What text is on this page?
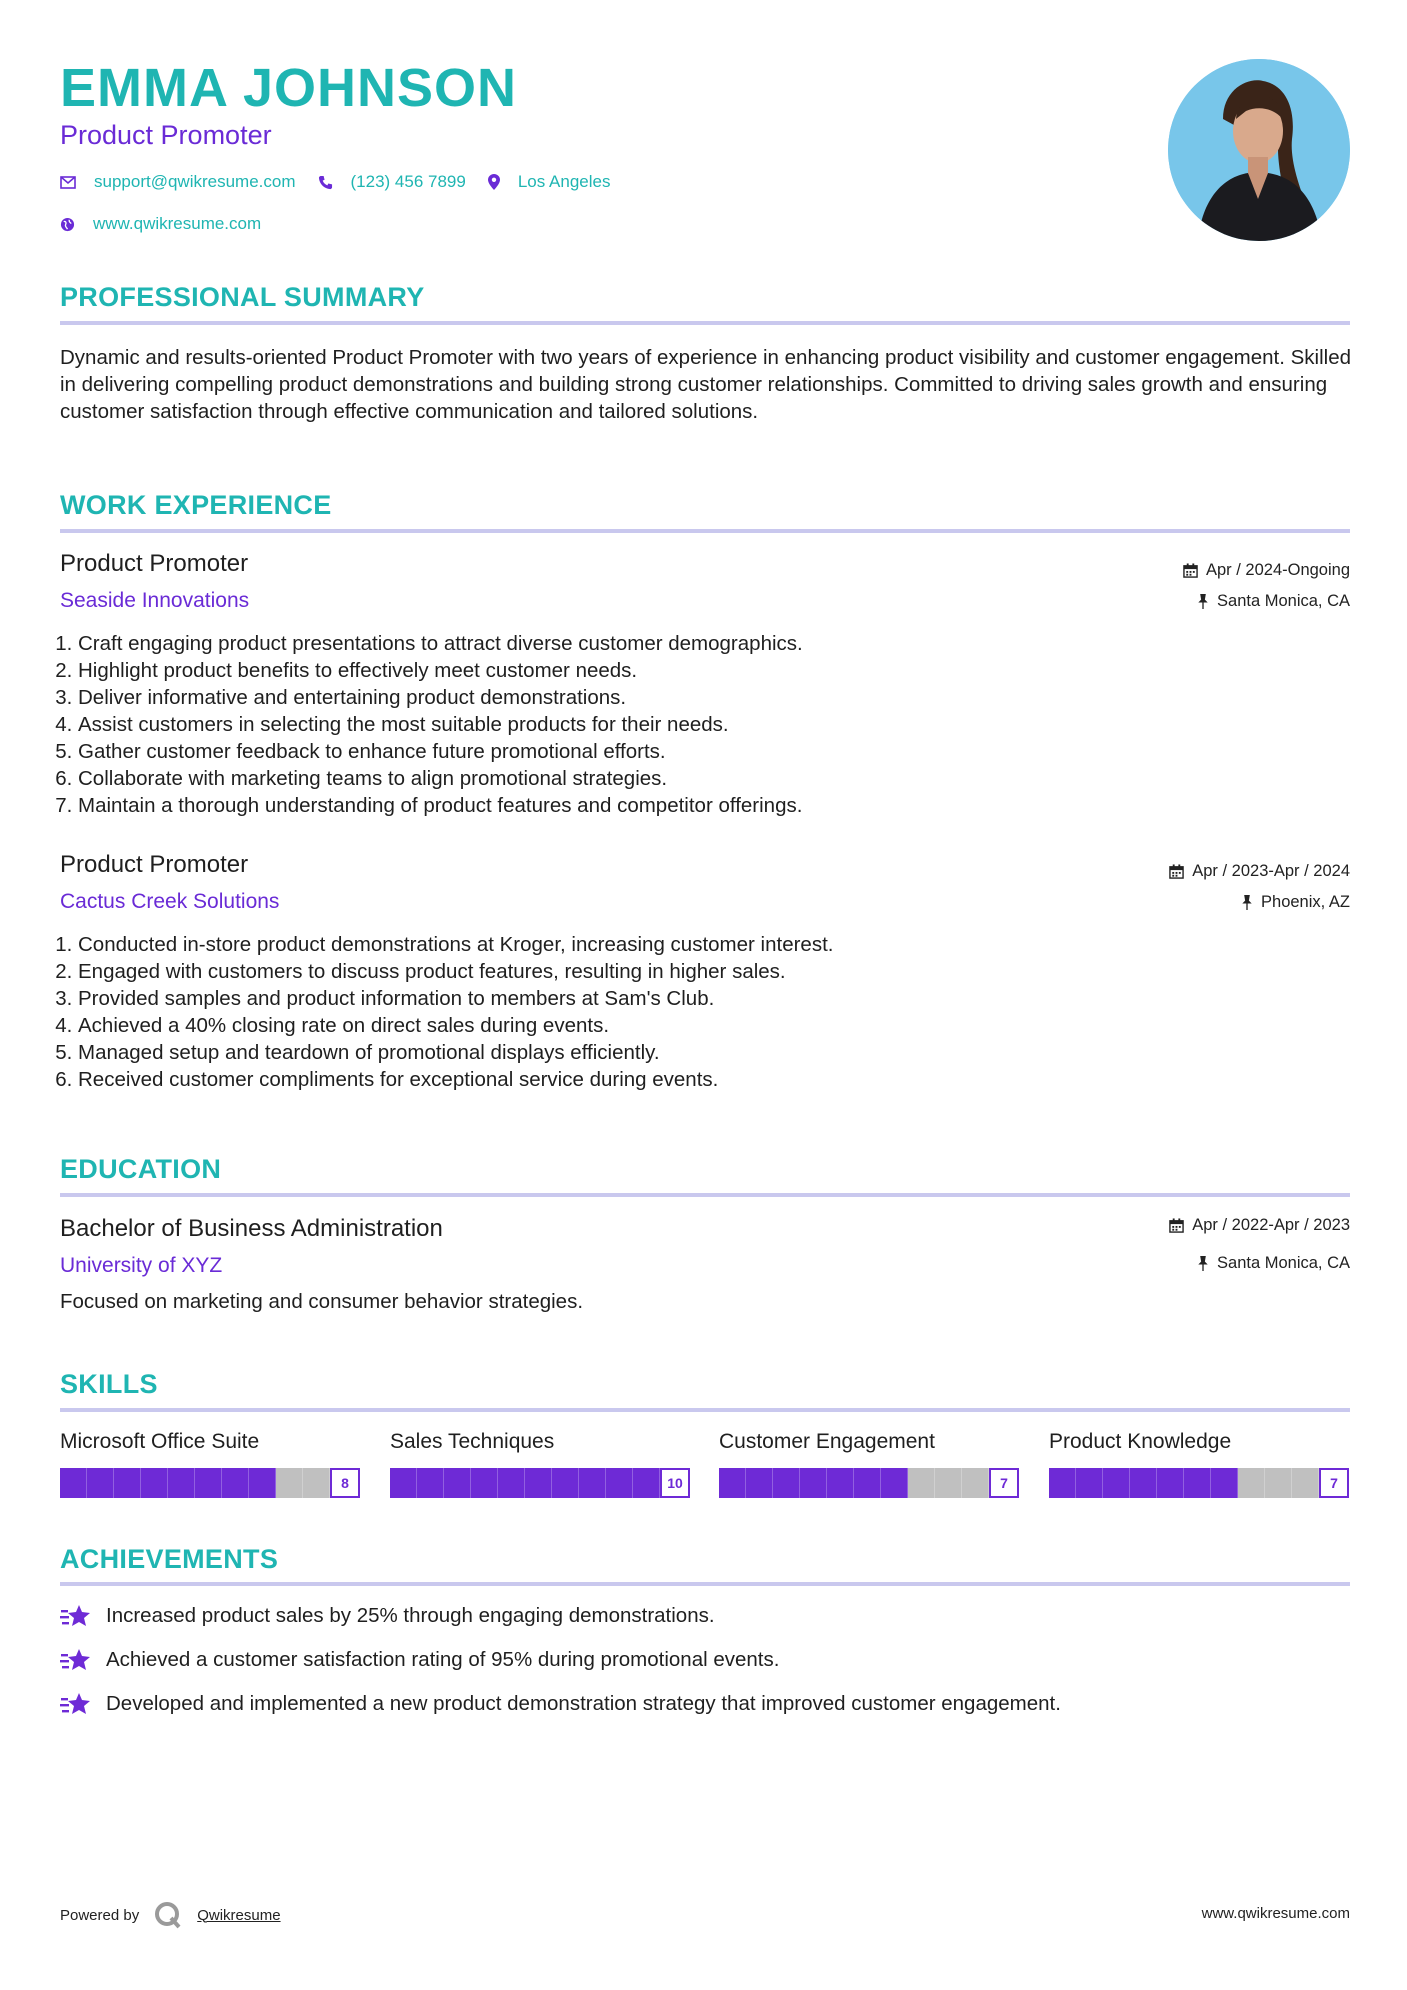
EMMA JOHNSON
Product Promoter
support@qwikresume.com	(123) 456 7899	Los Angeles
www.qwikresume.com
PROFESSIONAL SUMMARY

Dynamic and results-oriented Product Promoter with two years of experience in enhancing product visibility and customer engagement. Skilled in delivering compelling product demonstrations and building strong customer relationships. Committed to driving sales growth and ensuring customer satisfaction through effective communication and tailored solutions.

WORK EXPERIENCE
Product Promoter
Seaside Innovations
Apr / 2024-Ongoing
Santa Monica, CA
1. Craft engaging product presentations to attract diverse customer demographics.
2. Highlight product benefits to effectively meet customer needs.
3. Deliver informative and entertaining product demonstrations.
4. Assist customers in selecting the most suitable products for their needs.
5. Gather customer feedback to enhance future promotional efforts.
6. Collaborate with marketing teams to align promotional strategies.
7. Maintain a thorough understanding of product features and competitor offerings.
Product Promoter
Cactus Creek Solutions
Apr / 2023-Apr / 2024
Phoenix, AZ
1. Conducted in-store product demonstrations at Kroger, increasing customer interest.
2. Engaged with customers to discuss product features, resulting in higher sales.
3. Provided samples and product information to members at Sam's Club.
4. Achieved a 40% closing rate on direct sales during events.
5. Managed setup and teardown of promotional displays efficiently.
6. Received customer compliments for exceptional service during events.
EDUCATION
Bachelor of Business Administration
University of XYZ
Apr / 2022-Apr / 2023
Santa Monica, CA

Focused on marketing and consumer behavior strategies.

SKILLS
Microsoft Office Suite
8
Sales Techniques
10
Customer Engagement
7
Product Knowledge
7
ACHIEVEMENTS
Increased product sales by 25% through engaging demonstrations.
Achieved a customer satisfaction rating of 95% during promotional events.
Developed and implemented a new product demonstration strategy that improved customer engagement.
Powered by	Qwikresume	www.qwikresume.com
